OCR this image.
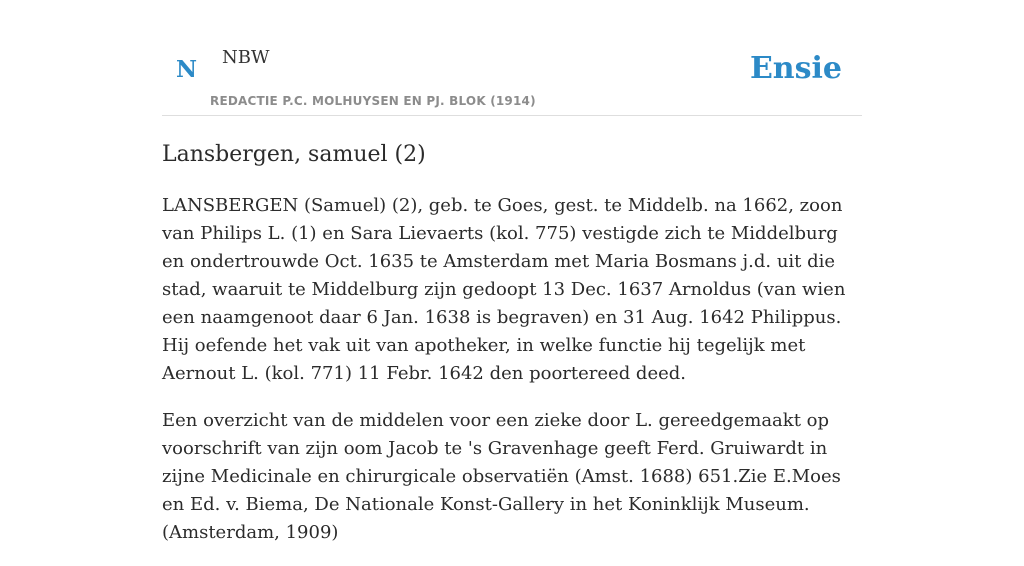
N NBW
REDACTIE P.C. MOLHUYSEN EN PJ. BLOK (1914)
Ensie
Lansbergen, samuel (2)

LANSBERGEN (Samuel) (2), geb. te Goes, gest. te Middelb. na 1662, zoon van Philips L. (1) en Sara Lievaerts (kol. 775) vestigde zich te Middelburg en ondertrouwde Oct. 1635 te Amsterdam met Maria Bosmans j.d. uit die stad, waaruit te Middelburg zijn gedoopt 13 Dec. 1637 Arnoldus (van wien een naamgenoot daar 6 Jan. 1638 is begraven) en 31 Aug. 1642 Philippus. Hij oefende het vak uit van apotheker, in welke functie hij tegelijk met Aernout L. (kol. 771) 11 Febr. 1642 den poortereed deed.

Een overzicht van de middelen voor een zieke door L. gereedgemaakt op voorschrift van zijn oom Jacob te 's Gravenhage geeft Ferd. Gruiwardt in zijne Medicinale en chirurgicale observatiën (Amst. 1688) 651.Zie E.Moes en Ed. v. Biema, De Nationale Konst-Gallery in het Koninklijk Museum. (Amsterdam, 1909)
